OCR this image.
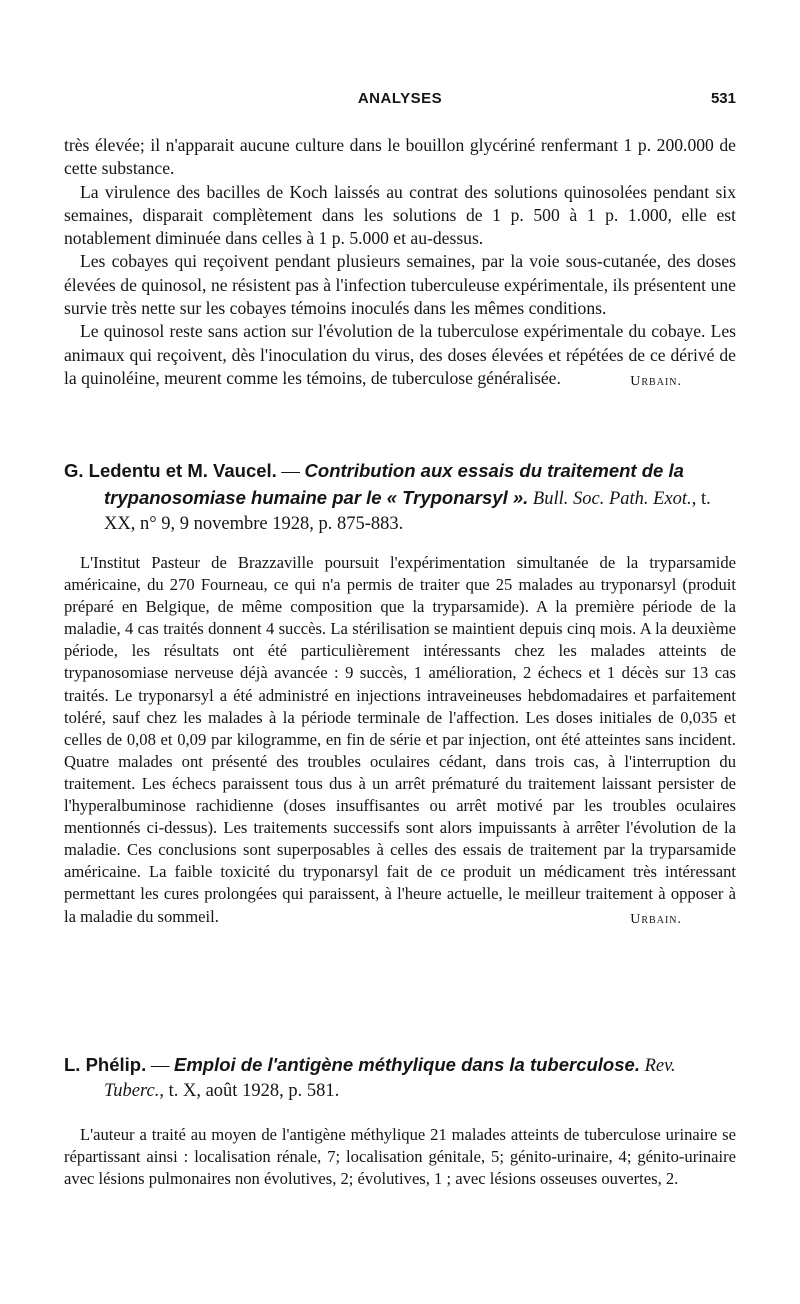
ANALYSES	531

très élevée; il n'apparait aucune culture dans le bouillon glycériné renfermant 1 p. 200.000 de cette substance.

La virulence des bacilles de Koch laissés au contrat des solutions quinosolées pendant six semaines, disparait complètement dans les solutions de 1 p. 500 à 1 p. 1.000, elle est notablement diminuée dans celles à 1 p. 5.000 et au-dessus.

Les cobayes qui reçoivent pendant plusieurs semaines, par la voie sous-cutanée, des doses élevées de quinosol, ne résistent pas à l'infection tuberculeuse expérimentale, ils présentent une survie très nette sur les cobayes témoins inoculés dans les mêmes conditions.

Le quinosol reste sans action sur l'évolution de la tuberculose expérimentale du cobaye. Les animaux qui reçoivent, dès l'inoculation du virus, des doses élevées et répétées de ce dérivé de la quinoléine, meurent comme les témoins, de tuberculose généralisée.	Urbain.

G. Ledentu et M. Vaucel. — Contribution aux essais du traitement de la trypanosomiase humaine par le « Tryponarsyl ». Bull. Soc. Path. Exot., t. XX, n° 9, 9 novembre 1928, p. 875-883.

L'Institut Pasteur de Brazzaville poursuit l'expérimentation simultanée de la tryparsamide américaine, du 270 Fourneau, ce qui n'a permis de traiter que 25 malades au tryponarsyl (produit préparé en Belgique, de même composition que la tryparsamide). A la première période de la maladie, 4 cas traités donnent 4 succès. La stérilisation se maintient depuis cinq mois. A la deuxième période, les résultats ont été particulièrement intéressants chez les malades atteints de trypanosomiase nerveuse déjà avancée : 9 succès, 1 amélioration, 2 échecs et 1 décès sur 13 cas traités. Le tryponarsyl a été administré en injections intraveineuses hebdomadaires et parfaitement toléré, sauf chez les malades à la période terminale de l'affection. Les doses initiales de 0,035 et celles de 0,08 et 0,09 par kilogramme, en fin de série et par injection, ont été atteintes sans incident. Quatre malades ont présenté des troubles oculaires cédant, dans trois cas, à l'interruption du traitement. Les échecs paraissent tous dus à un arrêt prématuré du traitement laissant persister de l'hyperalbuminose rachidienne (doses insuffisantes ou arrêt motivé par les troubles oculaires mentionnés ci-dessus). Les traitements successifs sont alors impuissants à arrêter l'évolution de la maladie. Ces conclusions sont superposables à celles des essais de traitement par la tryparsamide américaine. La faible toxicité du tryponarsyl fait de ce produit un médicament très intéressant permettant les cures prolongées qui paraissent, à l'heure actuelle, le meilleur traitement à opposer à la maladie du sommeil.	Urbain.

L. Phélip. — Emploi de l'antigène méthylique dans la tuberculose. Rev. Tuberc., t. X, août 1928, p. 581.

L'auteur a traité au moyen de l'antigène méthylique 21 malades atteints de tuberculose urinaire se répartissant ainsi : localisation rénale, 7; localisation génitale, 5; génito-urinaire, 4; génito-urinaire avec lésions pulmonaires non évolutives, 2; évolutives, 1 ; avec lésions osseuses ouvertes, 2.
